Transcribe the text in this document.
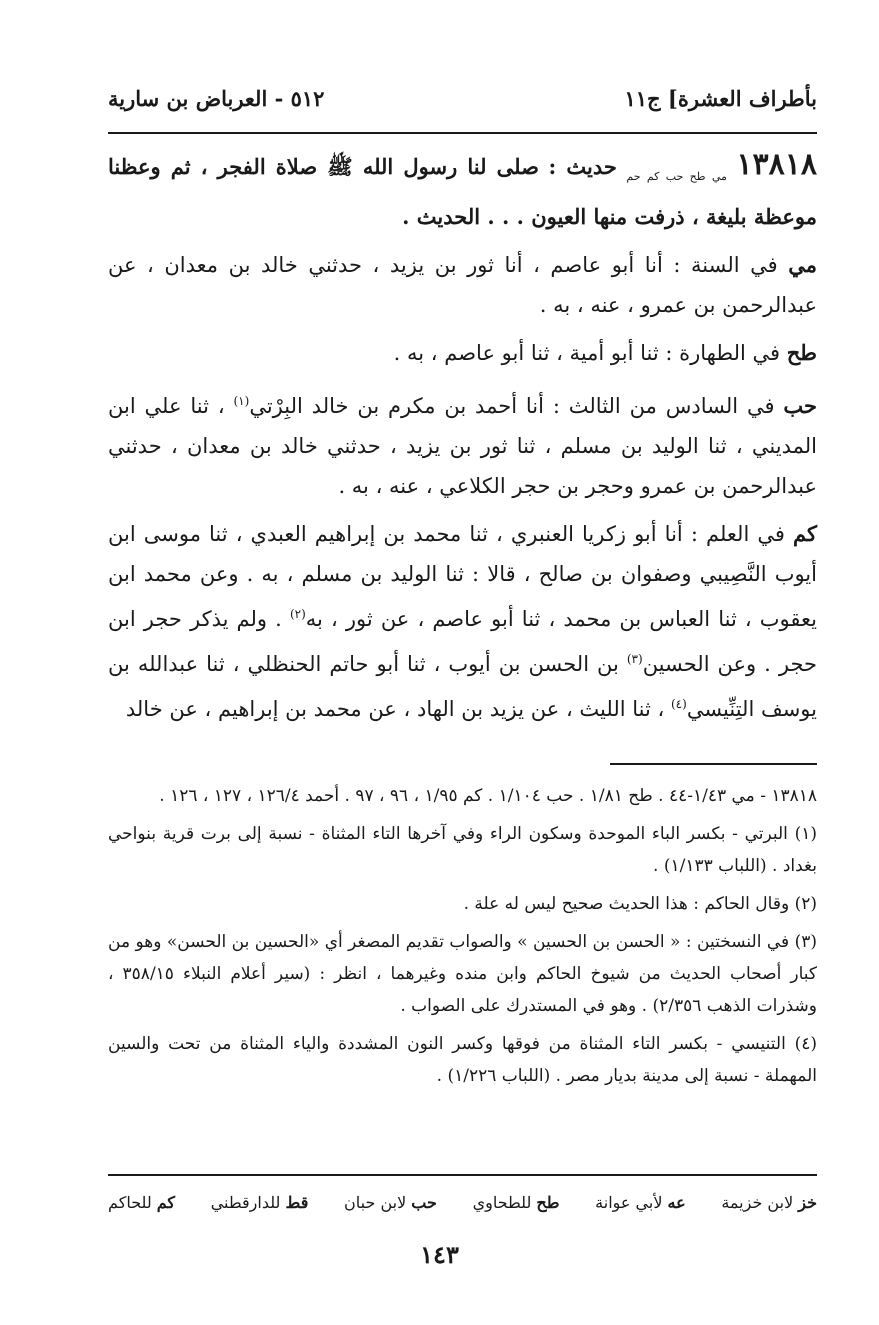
بأطراف العشرة] ج١١
٥١٢ - العرباض بن سارية

١٣٨١٨ $_{مي طح حب كم حم}$ حديث : صلى لنا رسول الله ﷺ صلاة الفجر ، ثم وعظنا موعظة بليغة ، ذرفت منها العيون . . . الحديث .

مي في السنة : أنا أبو عاصم ، أنا ثور بن يزيد ، حدثني خالد بن معدان ، عن عبدالرحمن بن عمرو ، عنه ، به .

طح في الطهارة : ثنا أبو أمية ، ثنا أبو عاصم ، به .

حب في السادس من الثالث : أنا أحمد بن مكرم بن خالد البِرْتي$^{(١)}$ ، ثنا علي ابن المديني ، ثنا الوليد بن مسلم ، ثنا ثور بن يزيد ، حدثني خالد بن معدان ، حدثني عبدالرحمن بن عمرو وحجر بن حجر الكلاعي ، عنه ، به .

كم في العلم : أنا أبو زكريا العنبري ، ثنا محمد بن إبراهيم العبدي ، ثنا موسى ابن أيوب النَّصِيبي وصفوان بن صالح ، قالا : ثنا الوليد بن مسلم ، به . وعن محمد ابن يعقوب ، ثنا العباس بن محمد ، ثنا أبو عاصم ، عن ثور ، به$^{(٢)}$ . ولم يذكر حجر ابن حجر . وعن الحسين$^{(٣)}$ بن الحسن بن أيوب ، ثنا أبو حاتم الحنظلي ، ثنا عبدالله بن يوسف التِنِّيسي$^{(٤)}$ ، ثنا الليث ، عن يزيد بن الهاد ، عن محمد بن إبراهيم ، عن خالد

١٣٨١٨ - مي ١/٤٣-٤٤ . طح ١/٨١ . حب ١/١٠٤ . كم ١/٩٥ ، ٩٦ ، ٩٧ . أحمد ١٢٦/٤ ، ١٢٧ ، ١٢٦ .

(١) البرتي - بكسر الباء الموحدة وسكون الراء وفي آخرها التاء المثناة - نسبة إلى برت قرية بنواحي بغداد . (اللباب ١/١٣٣) .

(٢) وقال الحاكم : هذا الحديث صحيح ليس له علة .

(٣) في النسختين : « الحسن بن الحسين » والصواب تقديم المصغر أي «الحسين بن الحسن» وهو من كبار أصحاب الحديث من شيوخ الحاكم وابن منده وغيرهما ، انظر : (سير أعلام النبلاء ٣٥٨/١٥ ، وشذرات الذهب ٢/٣٥٦) . وهو في المستدرك على الصواب .

(٤) التنيسي - بكسر التاء المثناة من فوقها وكسر النون المشددة والياء المثناة من تحت والسين المهملة - نسبة إلى مدينة بديار مصر . (اللباب ١/٢٢٦) .

خز لابن خزيمة
عه لأبي عوانة
طح للطحاوي
حب لابن حبان
قط للدارقطني
كم للحاكم
١٤٣
